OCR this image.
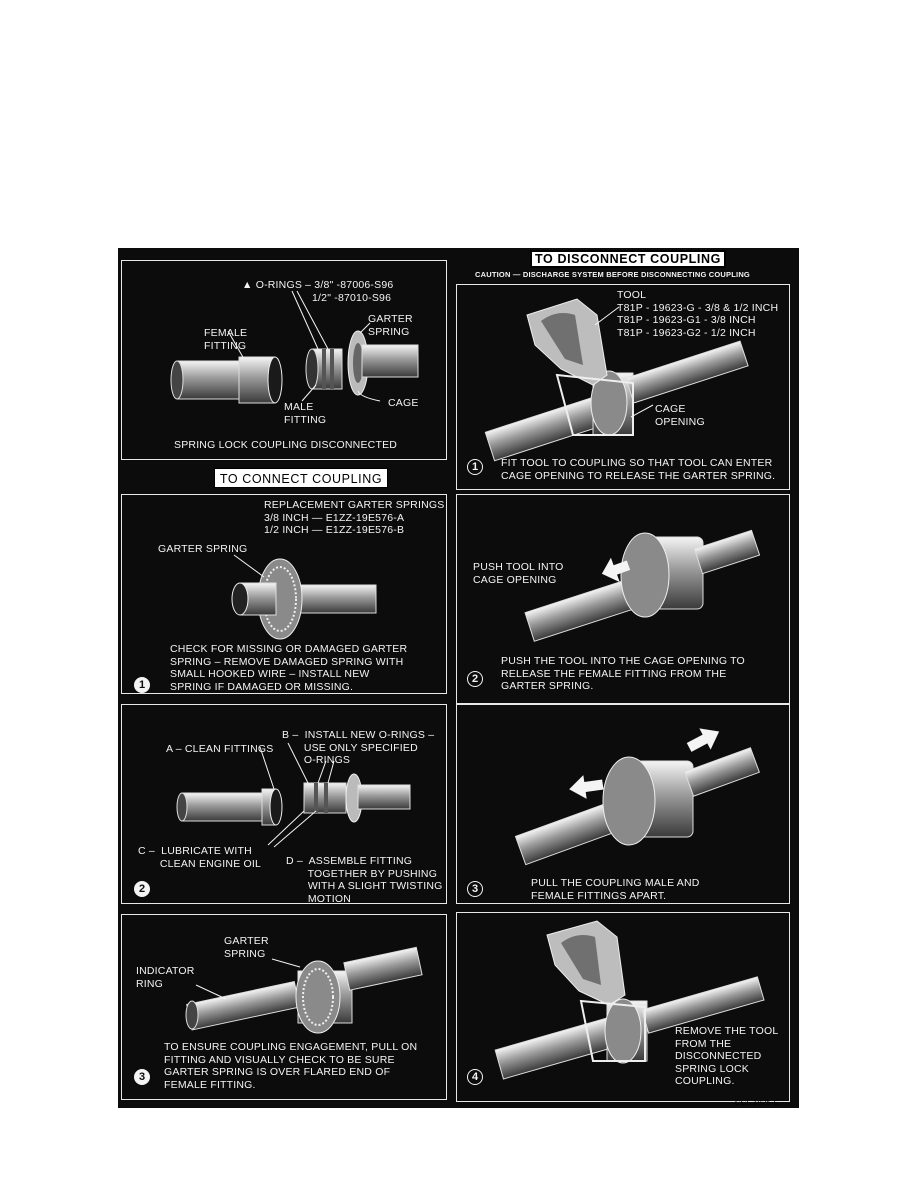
▲ O-RINGS – 3/8" -87006-S96
1/2" -87010-S96
GARTER
SPRING
FEMALE
FITTING
MALE
FITTING
CAGE
SPRING LOCK COUPLING DISCONNECTED
TO CONNECT COUPLING
TO DISCONNECT COUPLING
CAUTION — DISCHARGE SYSTEM BEFORE DISCONNECTING COUPLING
REPLACEMENT GARTER SPRINGS
3/8 INCH — E1ZZ-19E576-A
1/2 INCH — E1ZZ-19E576-B
GARTER SPRING
CHECK FOR MISSING OR DAMAGED GARTER
SPRING – REMOVE DAMAGED SPRING WITH
SMALL HOOKED WIRE – INSTALL NEW
SPRING IF DAMAGED OR MISSING.
1
A – CLEAN FITTINGS
B –  INSTALL NEW O-RINGS –
USE ONLY SPECIFIED
O-RINGS
C –  LUBRICATE WITH
CLEAN ENGINE OIL D –  ASSEMBLE FITTING
TOGETHER BY PUSHING
WITH A SLIGHT TWISTING
MOTION
2
GARTER
SPRING
INDICATOR
RING
TO ENSURE COUPLING ENGAGEMENT, PULL ON
FITTING AND VISUALLY CHECK TO BE SURE
GARTER SPRING IS OVER FLARED END OF
FEMALE FITTING.
3
TOOL
T81P - 19623-G - 3/8 & 1/2 INCH
T81P - 19623-G1 - 3/8 INCH
T81P - 19623-G2 - 1/2 INCH
CAGE
OPENING
1	FIT TOOL TO COUPLING SO THAT TOOL CAN ENTER
CAGE OPENING TO RELEASE THE GARTER SPRING.
PUSH TOOL INTO
CAGE OPENING
2
PUSH THE TOOL INTO THE CAGE OPENING TO
RELEASE THE FEMALE FITTING FROM THE
GARTER SPRING.
3	PULL THE COUPLING MALE AND
FEMALE FITTINGS APART.
REMOVE THE TOOL
FROM THE
DISCONNECTED
SPRING LOCK
COUPLING.
4
CCL 1925-E
